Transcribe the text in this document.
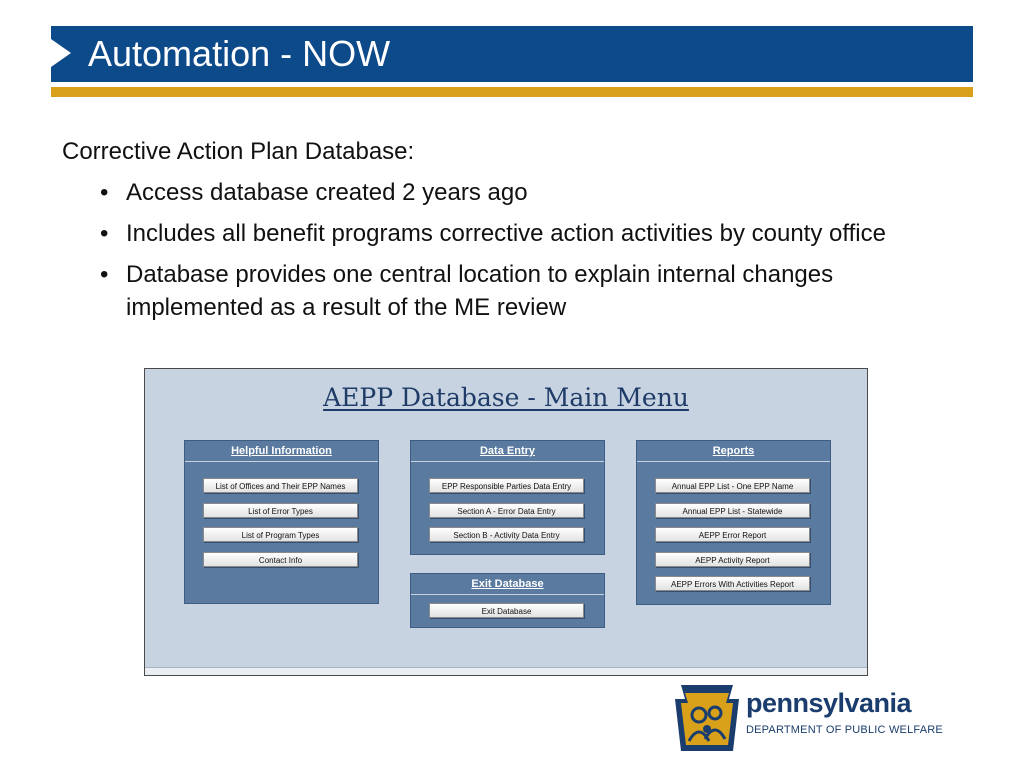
Automation - NOW
Corrective Action Plan Database:
• Access database created 2 years ago
• Includes all benefit programs corrective action activities by county office
• Database provides one central location to explain internal changes implemented as a result of the ME review
AEPP Database - Main Menu
Helpful Information
List of Offices and Their EPP Names
List of Error Types
List of Program Types
Contact Info
Data Entry
EPP Responsible Parties Data Entry
Section A - Error Data Entry
Section B - Activity Data Entry
Exit Database
Exit Database
Reports
Annual EPP List - One EPP Name
Annual EPP List - Statewide
AEPP Error Report
AEPP Activity Report
AEPP Errors With Activities Report
pennsylvania
DEPARTMENT OF PUBLIC WELFARE
